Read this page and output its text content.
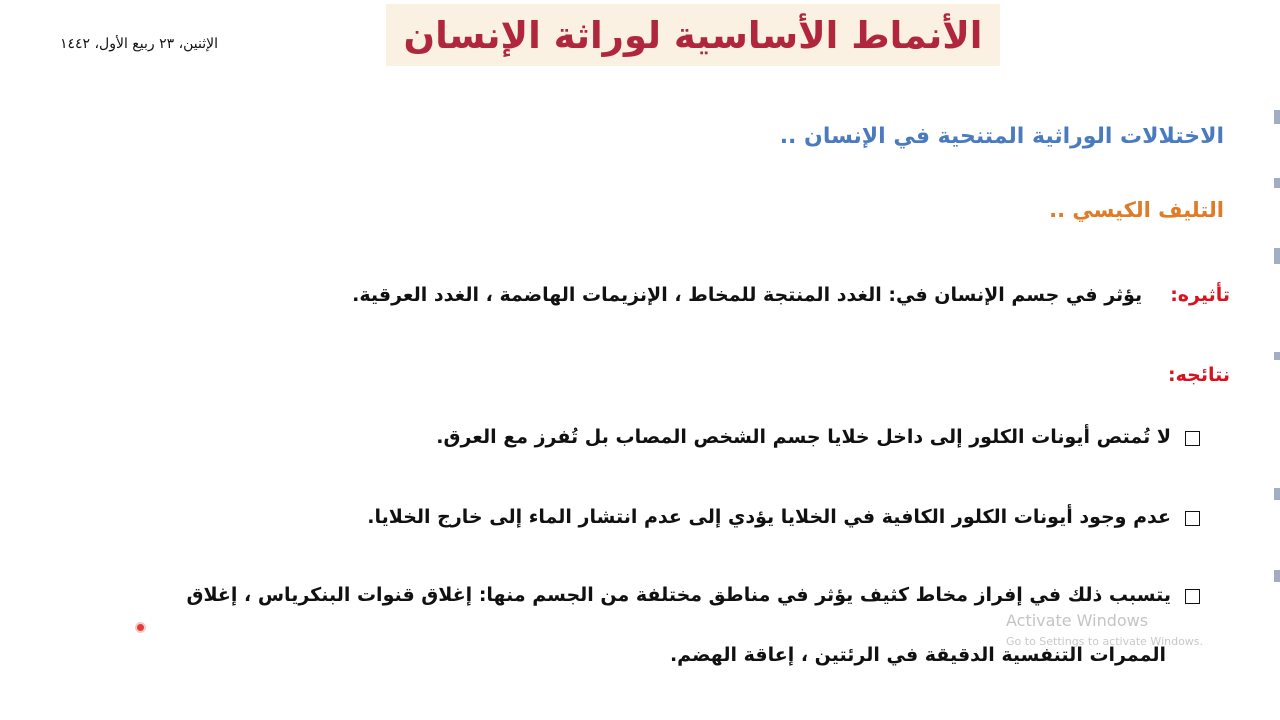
الأنماط الأساسية لوراثة الإنسان
الإثنين، ٢٣ ربيع الأول، ١٤٤٢
الاختلالات الوراثية المتنحية في الإنسان ..
التليف الكيسي ..
تأثيره:يؤثر في جسم الإنسان في: الغدد المنتجة للمخاط ، الإنزيمات الهاضمة ، الغدد العرقية.
نتائجه:
لا تُمتص أيونات الكلور إلى داخل خلايا جسم الشخص المصاب بل تُفرز مع العرق.
عدم وجود أيونات الكلور الكافية في الخلايا يؤدي إلى عدم انتشار الماء إلى خارج الخلايا.
يتسبب ذلك في إفراز مخاط كثيف يؤثر في مناطق مختلفة من الجسم منها: إغلاق قنوات البنكرياس ، إغلاق
الممرات التنفسية الدقيقة في الرئتين ، إعاقة الهضم.
Activate Windows
Go to Settings to activate Windows.
